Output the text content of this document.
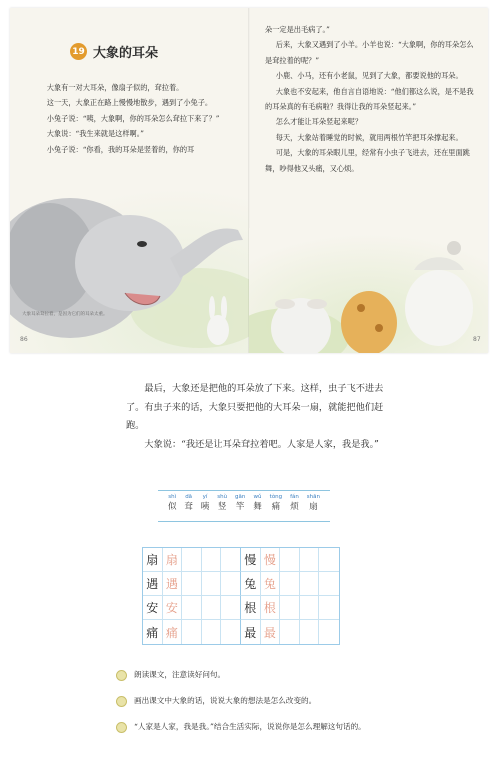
19 大象的耳朵

大象有一对大耳朵，像扇子似的，耷拉着。

这一天，大象正在路上慢慢地散步，遇到了小兔子。

小兔子说：“咦，大象啊，你的耳朵怎么耷拉下来了？”

大象说：“我生来就是这样啊。”

小兔子说：“你看，我的耳朵是竖着的，你的耳

大象耳朵耷拉着，是因为它们的耳朵太重。
86

朵一定是出毛病了。”

后来，大象又遇到了小羊。小羊也说：“大象啊，你的耳朵怎么是耷拉着的呢？”

小鹿、小马，还有小老鼠，见到了大象，都要说他的耳朵。

大象也不安起来，他自言自语地说：“他们都这么说，是不是我的耳朵真的有毛病啦？我得让我的耳朵竖起来。”

怎么才能让耳朵竖起来呢？

每天，大象站着睡觉的时候，就用两根竹竿把耳朵撑起来。

可是，大象的耳朵眼儿里，经常有小虫子飞进去，还在里面跳舞，吵得他又头痛，又心烦。

87

最后，大象还是把他的耳朵放了下来。这样，虫子飞不进去了。有虫子来的话，大象只要把他的大耳朵一扇，就能把他们赶跑。

大象说：“我还是让耳朵耷拉着吧。人家是人家，我是我。”

shì
似
dā
耷
yí
咦
shù
竖
gān
竿
wǔ
舞
tòng
痛
fán
烦
shān
扇
扇 扇	慢 慢
遇 遇	兔 兔
安 安	根 根
痛 痛	最 最
朗读课文，注意读好问句。
画出课文中大象的话，说说大象的想法是怎么改变的。
“人家是人家，我是我。”结合生活实际，说说你是怎么理解这句话的。
